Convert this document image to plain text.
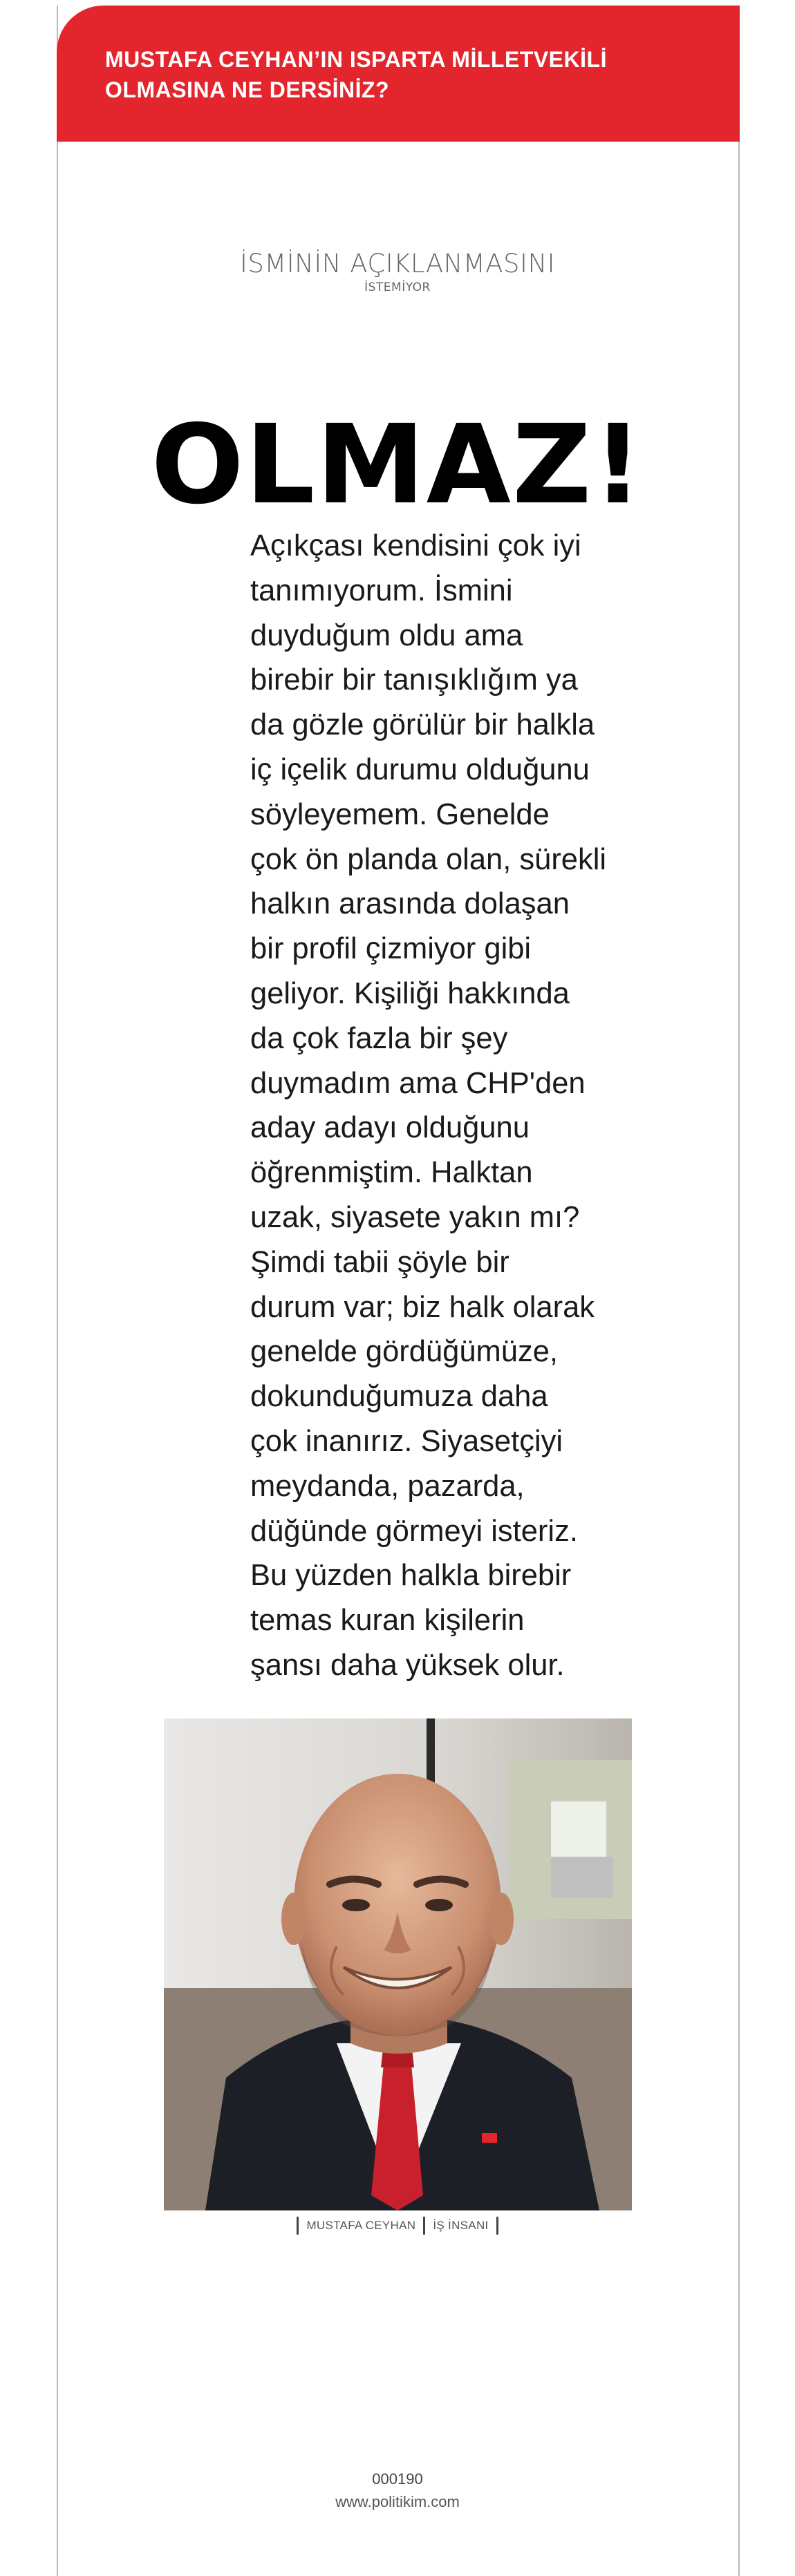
MUSTAFA CEYHAN’IN ISPARTA MİLLETVEKİLİ
OLMASINA NE DERSİNİZ?

İSMİNİN AÇIKLANMASINI
İSTEMİYOR
OLMAZ!

Açıkçası kendisini çok iyi
tanımıyorum. İsmini
duyduğum oldu ama
birebir bir tanışıklığım ya
da gözle görülür bir halkla
iç içelik durumu olduğunu
söyleyemem. Genelde
çok ön planda olan, sürekli
halkın arasında dolaşan
bir profil çizmiyor gibi
geliyor. Kişiliği hakkında
da çok fazla bir şey
duymadım ama CHP'den
aday adayı olduğunu
öğrenmiştim. Halktan
uzak, siyasete yakın mı?
Şimdi tabii şöyle bir
durum var; biz halk olarak
genelde gördüğümüze,
dokunduğumuza daha
çok inanırız. Siyasetçiyi
meydanda, pazarda,
düğünde görmeyi isteriz.
Bu yüzden halkla birebir
temas kuran kişilerin
şansı daha yüksek olur.

MUSTAFA CEYHAN İŞ İNSANI
000190
www.politikim.com
